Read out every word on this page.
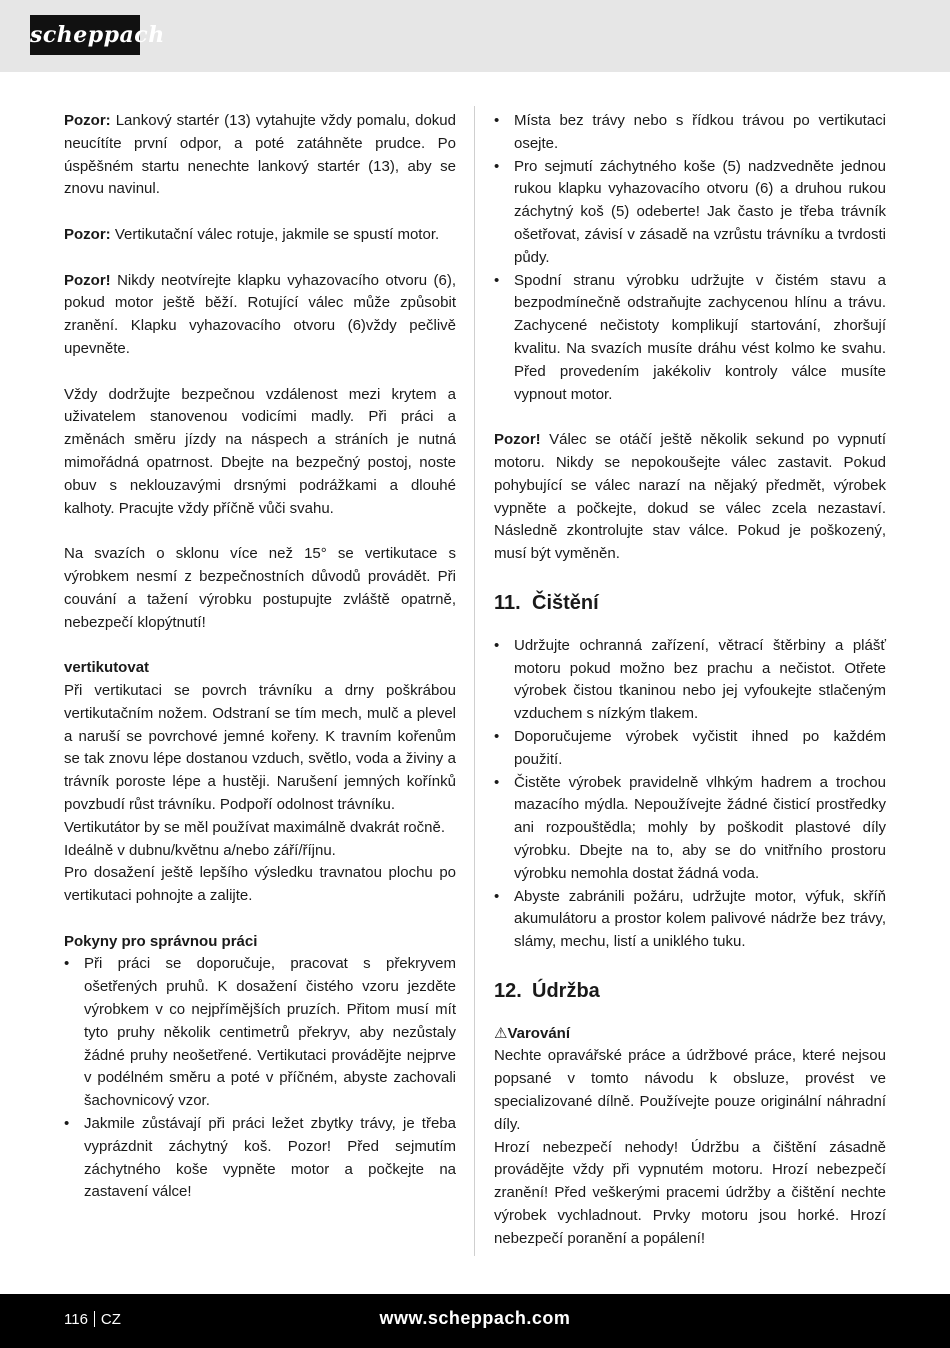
scheppach

Pozor: Lankový startér (13) vytahujte vždy pomalu, dokud neucítíte první odpor, a poté zatáhněte prudce. Po úspěšném startu nenechte lankový startér (13), aby se znovu navinul.

Pozor: Vertikutační válec rotuje, jakmile se spustí motor.

Pozor! Nikdy neotvírejte klapku vyhazovacího otvoru (6), pokud motor ještě běží. Rotující válec může způsobit zranění. Klapku vyhazovacího otvoru (6)vždy pečlivě upevněte.

Vždy dodržujte bezpečnou vzdálenost mezi krytem a uživatelem stanovenou vodicími madly. Při práci a změnách směru jízdy na náspech a stráních je nutná mimořádná opatrnost. Dbejte na bezpečný postoj, noste obuv s neklouzavými drsnými podrážkami a dlouhé kalhoty. Pracujte vždy příčně vůči svahu.

Na svazích o sklonu více než 15° se vertikutace s výrobkem nesmí z bezpečnostních důvodů provádět. Při couvání a tažení výrobku postupujte zvláště opatrně, nebezpečí klopýtnutí!

vertikutovat

Při vertikutaci se povrch trávníku a drny poškrábou vertikutačním nožem. Odstraní se tím mech, mulč a plevel a naruší se povrchové jemné kořeny. K travním kořenům se tak znovu lépe dostanou vzduch, světlo, voda a živiny a trávník poroste lépe a hustěji. Narušení jemných kořínků povzbudí růst trávníku. Podpoří odolnost trávníku.

Vertikutátor by se měl používat maximálně dvakrát ročně.

Ideálně v dubnu/květnu a/nebo září/říjnu.

Pro dosažení ještě lepšího výsledku travnatou plochu po vertikutaci pohnojte a zalijte.

Pokyny pro správnou práci

• Při práci se doporučuje, pracovat s překryvem ošetřených pruhů. K dosažení čistého vzoru jezděte výrobkem v co nejpřímějších pruzích. Přitom musí mít tyto pruhy několik centimetrů překryv, aby nezůstaly žádné pruhy neošetřené. Vertikutaci provádějte nejprve v podélném směru a poté v příčném, abyste zachovali šachovnicový vzor.
• Jakmile zůstávají při práci ležet zbytky trávy, je třeba vyprázdnit záchytný koš. Pozor! Před sejmutím záchytného koše vypněte motor a počkejte na zastavení válce!
• Místa bez trávy nebo s řídkou trávou po vertikutaci osejte.
• Pro sejmutí záchytného koše (5) nadzvedněte jednou rukou klapku vyhazovacího otvoru (6) a druhou rukou záchytný koš (5) odeberte! Jak často je třeba trávník ošetřovat, závisí v zásadě na vzrůstu trávníku a tvrdosti půdy.
• Spodní stranu výrobku udržujte v čistém stavu a bezpodmínečně odstraňujte zachycenou hlínu a trávu. Zachycené nečistoty komplikují startování, zhoršují kvalitu. Na svazích musíte dráhu vést kolmo ke svahu. Před provedením jakékoliv kontroly válce musíte vypnout motor.

Pozor! Válec se otáčí ještě několik sekund po vypnutí motoru. Nikdy se nepokoušejte válec zastavit. Pokud pohybující se válec narazí na nějaký předmět, výrobek vypněte a počkejte, dokud se válec zcela nezastaví. Následně zkontrolujte stav válce. Pokud je poškozený, musí být vyměněn.

11. Čištění
• Udržujte ochranná zařízení, větrací štěrbiny a plášť motoru pokud možno bez prachu a nečistot. Otřete výrobek čistou tkaninou nebo jej vyfoukejte stlačeným vzduchem s nízkým tlakem.
• Doporučujeme výrobek vyčistit ihned po každém použití.
• Čistěte výrobek pravidelně vlhkým hadrem a trochou mazacího mýdla. Nepoužívejte žádné čisticí prostředky ani rozpouštědla; mohly by poškodit plastové díly výrobku. Dbejte na to, aby se do vnitřního prostoru výrobku nemohla dostat žádná voda.
• Abyste zabránili požáru, udržujte motor, výfuk, skříň akumulátoru a prostor kolem palivové nádrže bez trávy, slámy, mechu, listí a uniklého tuku.
12. Údržba

⚠Varování

Nechte opravářské práce a údržbové práce, které nejsou popsané v tomto návodu k obsluze, provést ve specializované dílně. Používejte pouze originální náhradní díly.

Hrozí nebezpečí nehody! Údržbu a čištění zásadně provádějte vždy při vypnutém motoru. Hrozí nebezpečí zranění! Před veškerými pracemi údržby a čištění nechte výrobek vychladnout. Prvky motoru jsou horké. Hrozí nebezpečí poranění a popálení!

116 CZ	www.scheppach.com
